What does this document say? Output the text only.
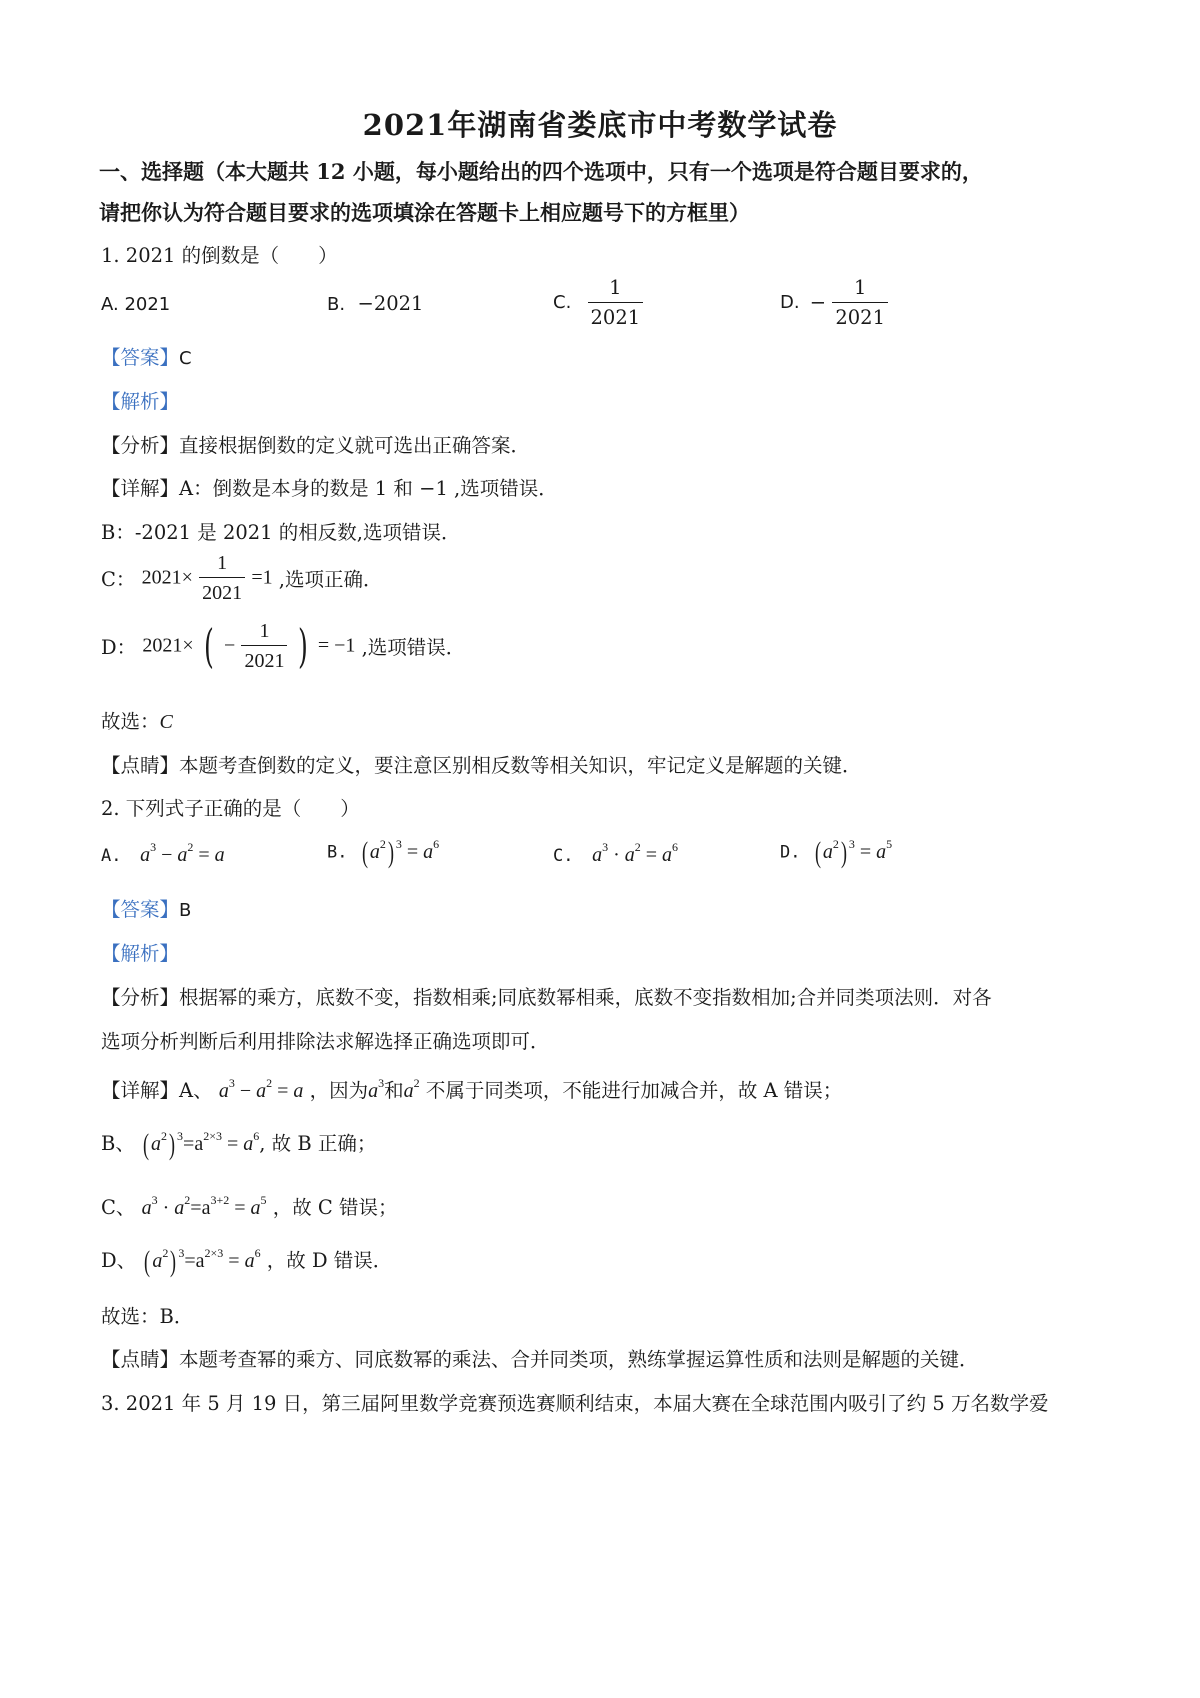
2021年湖南省娄底市中考数学试卷
一、选择题（本大题共 12 小题，每小题给出的四个选项中，只有一个选项是符合题目要求的，
请把你认为符合题目要求的选项填涂在答题卡上相应题号下的方框里）
1. 2021 的倒数是（　　）
A. 2021	B. −2021	C. $\frac{1}{2021}$	D. − $\frac{1}{2021}$
【答案】C
【解析】
【分析】直接根据倒数的定义就可选出正确答案．
【详解】A：倒数是本身的数是 1 和 −1 ,选项错误．
B：-2021 是 2021 的相反数,选项错误．
C： $2021\times \frac{1}{2021} =1$ ,选项正确．
D： 2021× ( − $\frac{1}{2021}$ ) = −1 ,选项错误．
故选：C
【点睛】本题考查倒数的定义，要注意区别相反数等相关知识，牢记定义是解题的关键．
2. 下列式子正确的是（　　）
A. $a^3 - a^2 = a$	B. ( $a^2$) $^3 = a^6$
C. $a^3 \cdot a^2 = a^6$	D. ( $a^2$) $^3 = a^5$
【答案】B
【解析】
【分析】根据幂的乘方，底数不变，指数相乘;同底数幂相乘，底数不变指数相加;合并同类项法则．对各
选项分析判断后利用排除法求解选择正确选项即可．
【详解】A、 $a^3 - a^2 = a$ ，因为$a^3$和$a^2$ 不属于同类项，不能进行加减合并，故 A 错误；
B、 ( $a^2$) $^3=a^{2\times 3} = a^6$, 故 B 正确；
C、 $a^3 \cdot a^2=a^{3+2} = a^5$ ，故 C 错误；
D、 ( $a^2$) $^3=a^{2\times 3} = a^6$ ，故 D 错误．
故选：B．
【点睛】本题考查幂的乘方、同底数幂的乘法、合并同类项，熟练掌握运算性质和法则是解题的关键．
3. 2021 年 5 月 19 日，第三届阿里数学竞赛预选赛顺利结束，本届大赛在全球范围内吸引了约 5 万名数学爱
